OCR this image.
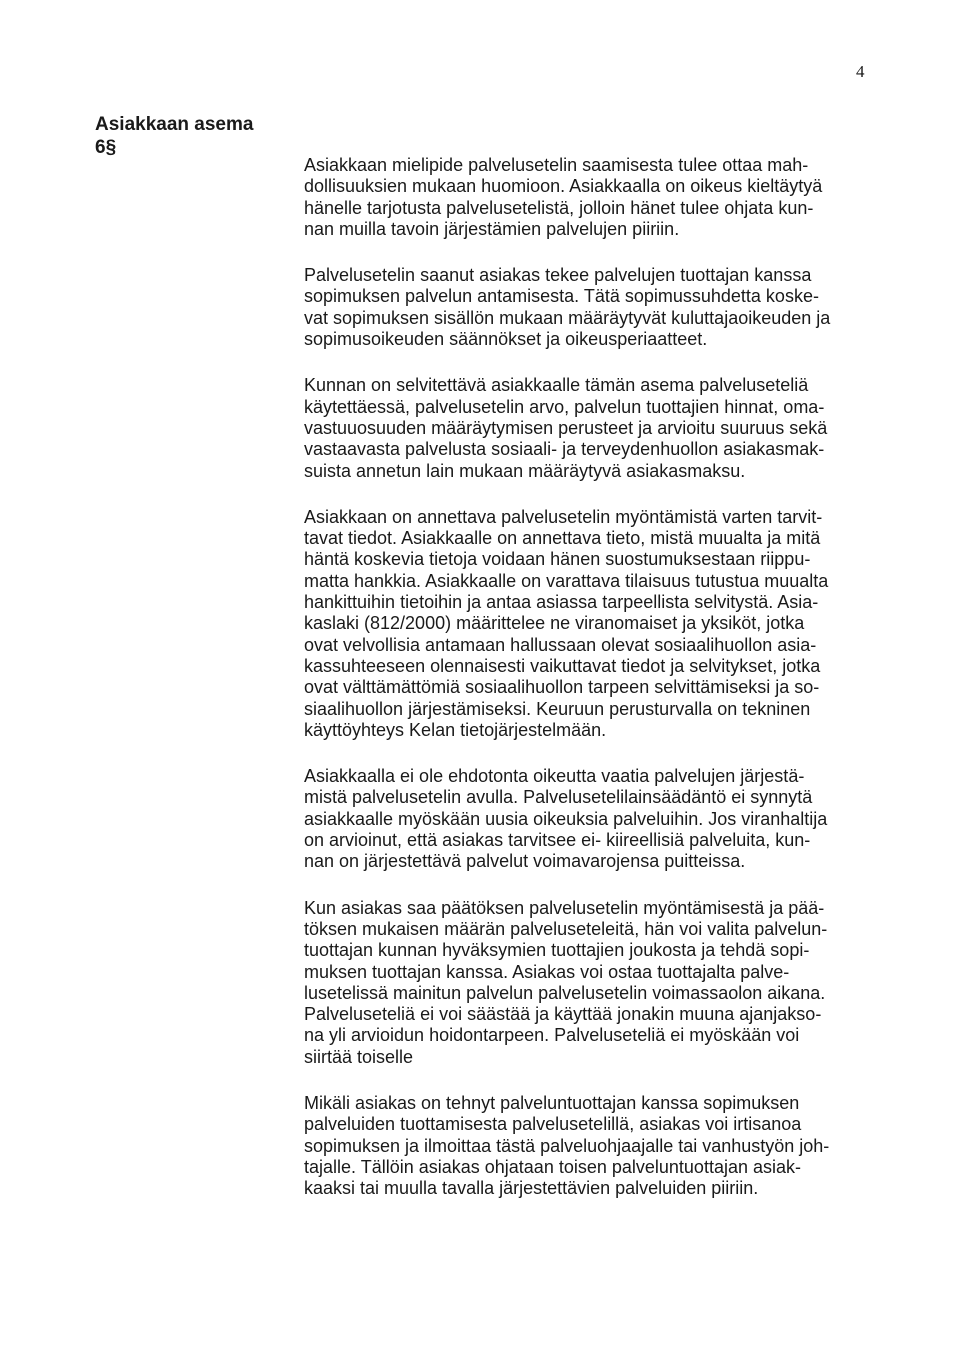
4
Asiakkaan asema
6§
Asiakkaan mielipide palvelusetelin saamisesta tulee ottaa mah-
dollisuuksien mukaan huomioon. Asiakkaalla on oikeus kieltäytyä
hänelle tarjotusta palvelusetelistä, jolloin hänet tulee ohjata kun-
nan muilla tavoin järjestämien palvelujen piiriin.
Palvelusetelin saanut asiakas tekee palvelujen tuottajan kanssa
sopimuksen palvelun antamisesta. Tätä sopimussuhdetta koske-
vat sopimuksen sisällön mukaan määräytyvät kuluttajaoikeuden ja
sopimusoikeuden säännökset ja oikeusperiaatteet.
Kunnan on selvitettävä asiakkaalle tämän asema palveluseteliä
käytettäessä, palvelusetelin arvo, palvelun tuottajien hinnat, oma-
vastuuosuuden määräytymisen perusteet ja arvioitu suuruus sekä
vastaavasta palvelusta sosiaali- ja terveydenhuollon asiakasmak-
suista annetun lain mukaan määräytyvä asiakasmaksu.
Asiakkaan on annettava palvelusetelin myöntämistä varten tarvit-
tavat tiedot. Asiakkaalle on annettava tieto, mistä muualta ja mitä
häntä koskevia tietoja voidaan hänen suostumuksestaan riippu-
matta hankkia. Asiakkaalle on varattava tilaisuus tutustua muualta
hankittuihin tietoihin ja antaa asiassa tarpeellista selvitystä. Asia-
kaslaki (812/2000) määrittelee ne viranomaiset ja yksiköt, jotka
ovat velvollisia antamaan hallussaan olevat sosiaalihuollon asia-
kassuhteeseen olennaisesti vaikuttavat tiedot ja selvitykset, jotka
ovat välttämättömiä sosiaalihuollon tarpeen selvittämiseksi ja so-
siaalihuollon järjestämiseksi. Keuruun perusturvalla on tekninen
käyttöyhteys Kelan tietojärjestelmään.
Asiakkaalla ei ole ehdotonta oikeutta vaatia palvelujen järjestä-
mistä palvelusetelin avulla. Palvelusetelilainsäädäntö ei synnytä
asiakkaalle myöskään uusia oikeuksia palveluihin. Jos viranhaltija
on arvioinut, että asiakas tarvitsee ei- kiireellisiä palveluita, kun-
nan on järjestettävä palvelut voimavarojensa puitteissa.
Kun asiakas saa päätöksen palvelusetelin myöntämisestä ja pää-
töksen mukaisen määrän palveluseteleitä, hän voi valita palvelun-
tuottajan kunnan hyväksymien tuottajien joukosta ja tehdä sopi-
muksen tuottajan kanssa. Asiakas voi ostaa tuottajalta palve-
lusetelissä mainitun palvelun palvelusetelin voimassaolon aikana.
Palveluseteliä ei voi säästää ja käyttää jonakin muuna ajanjakso-
na yli arvioidun hoidontarpeen. Palveluseteliä ei myöskään voi
siirtää toiselle
Mikäli asiakas on tehnyt palveluntuottajan kanssa sopimuksen
palveluiden tuottamisesta palvelusetelillä, asiakas voi irtisanoa
sopimuksen ja ilmoittaa tästä palveluohjaajalle tai vanhustyön joh-
tajalle. Tällöin asiakas ohjataan toisen palveluntuottajan asiak-
kaaksi tai muulla tavalla järjestettävien palveluiden piiriin.
